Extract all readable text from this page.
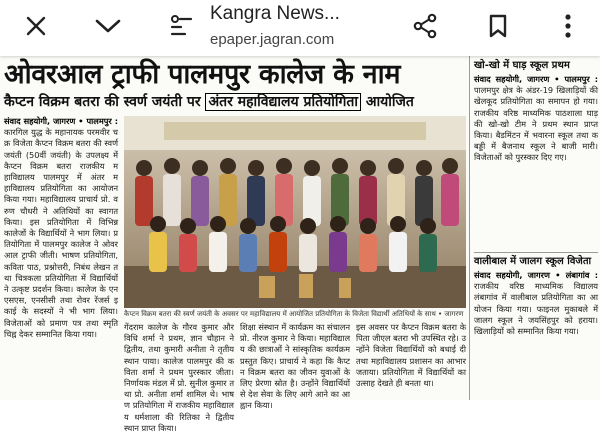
Kangra News...
epaper.jagran.com
ओवरआल ट्राफी पालमपुर कालेज के नाम
कैप्टन विक्रम बतरा की स्वर्ण जयंती पर अंतर महाविद्यालय प्रतियोगिता आयोजित
संवाद सहयोगी, जागरण • पालमपुर : कारगिल युद्ध के महानायक परमवीर चक्र विजेता कैप्टन विक्रम बतरा की स्वर्ण जयंती (50वीं जयंती) के उपलक्ष्य में कैप्टन विक्रम बतरा राजकीय महाविद्यालय पालमपुर में अंतर महाविद्यालय प्रतियोगिता का आयोजन किया गया। महाविद्यालय प्राचार्य प्रो. वरुण चौधरी ने अतिथियों का स्वागत किया। इस प्रतियोगिता में विभिन्न कालेजों के विद्यार्थियों ने भाग लिया। प्रतियोगिता में पालमपुर कालेज ने ओवरआल ट्राफी जीती। भाषण प्रतियोगिता, कविता पाठ, प्रश्नोत्तरी, निबंध लेखन तथा चित्रकला प्रतियोगिता में विद्यार्थियों ने उत्कृष्ट प्रदर्शन किया। कालेज के एनएसएस, एनसीसी तथा रोवर रेंजर्स इकाई के सदस्यों ने भी भाग लिया। विजेताओं को प्रमाण पत्र तथा स्मृति चिह्न देकर सम्मानित किया गया।
कैप्टन विक्रम बतरा की स्वर्ण जयंती के अवसर पर महाविद्यालय में आयोजित प्रतियोगिता के विजेता विद्यार्थी अतिथियों के साथ • जागरण
गेंदराम कालेज के गौरव कुमार और विधि शर्मा ने प्रथम, ज्ञान चौहान ने द्वितीय, तथा कुमारी अनीता ने तृतीय स्थान पाया। कालेज पालमपुर की कविता शर्मा ने प्रथम पुरस्कार जीता। निर्णायक मंडल में प्रो. सुनील कुमार तथा प्रो. अनीता शर्मा शामिल थे। भाषण प्रतियोगिता में राजकीय महाविद्यालय धर्मशाला की रितिका ने द्वितीय स्थान प्राप्त किया।
शिक्षा संस्थान में कार्यक्रम का संचालन प्रो. नीरज कुमार ने किया। महाविद्यालय की छात्राओं ने सांस्कृतिक कार्यक्रम प्रस्तुत किए। प्राचार्य ने कहा कि कैप्टन विक्रम बतरा का जीवन युवाओं के लिए प्रेरणा स्रोत है। उन्होंने विद्यार्थियों से देश सेवा के लिए आगे आने का आह्वान किया।
इस अवसर पर कैप्टन विक्रम बतरा के पिता जीएल बतरा भी उपस्थित रहे। उन्होंने विजेता विद्यार्थियों को बधाई दी तथा महाविद्यालय प्रशासन का आभार जताया। प्रतियोगिता में विद्यार्थियों का उत्साह देखते ही बनता था।
खो-खो में घाड़ स्कूल प्रथम
संवाद सहयोगी, जागरण • पालमपुर : पालमपुर क्षेत्र के अंडर-19 खिलाड़ियों की खेलकूद प्रतियोगिता का समापन हो गया। राजकीय वरिष्ठ माध्यमिक पाठशाला घाड़ की खो-खो टीम ने प्रथम स्थान प्राप्त किया। बैडमिंटन में भवारना स्कूल तथा कबड्डी में बैजनाथ स्कूल ने बाजी मारी। विजेताओं को पुरस्कार दिए गए।
वालीबाल में जालग स्कूल विजेता
संवाद सहयोगी, जागरण • लंबागांव : राजकीय वरिष्ठ माध्यमिक विद्यालय लंबागांव में वालीबाल प्रतियोगिता का आयोजन किया गया। फाइनल मुकाबले में जालग स्कूल ने जयसिंहपुर को हराया। खिलाड़ियों को सम्मानित किया गया।
